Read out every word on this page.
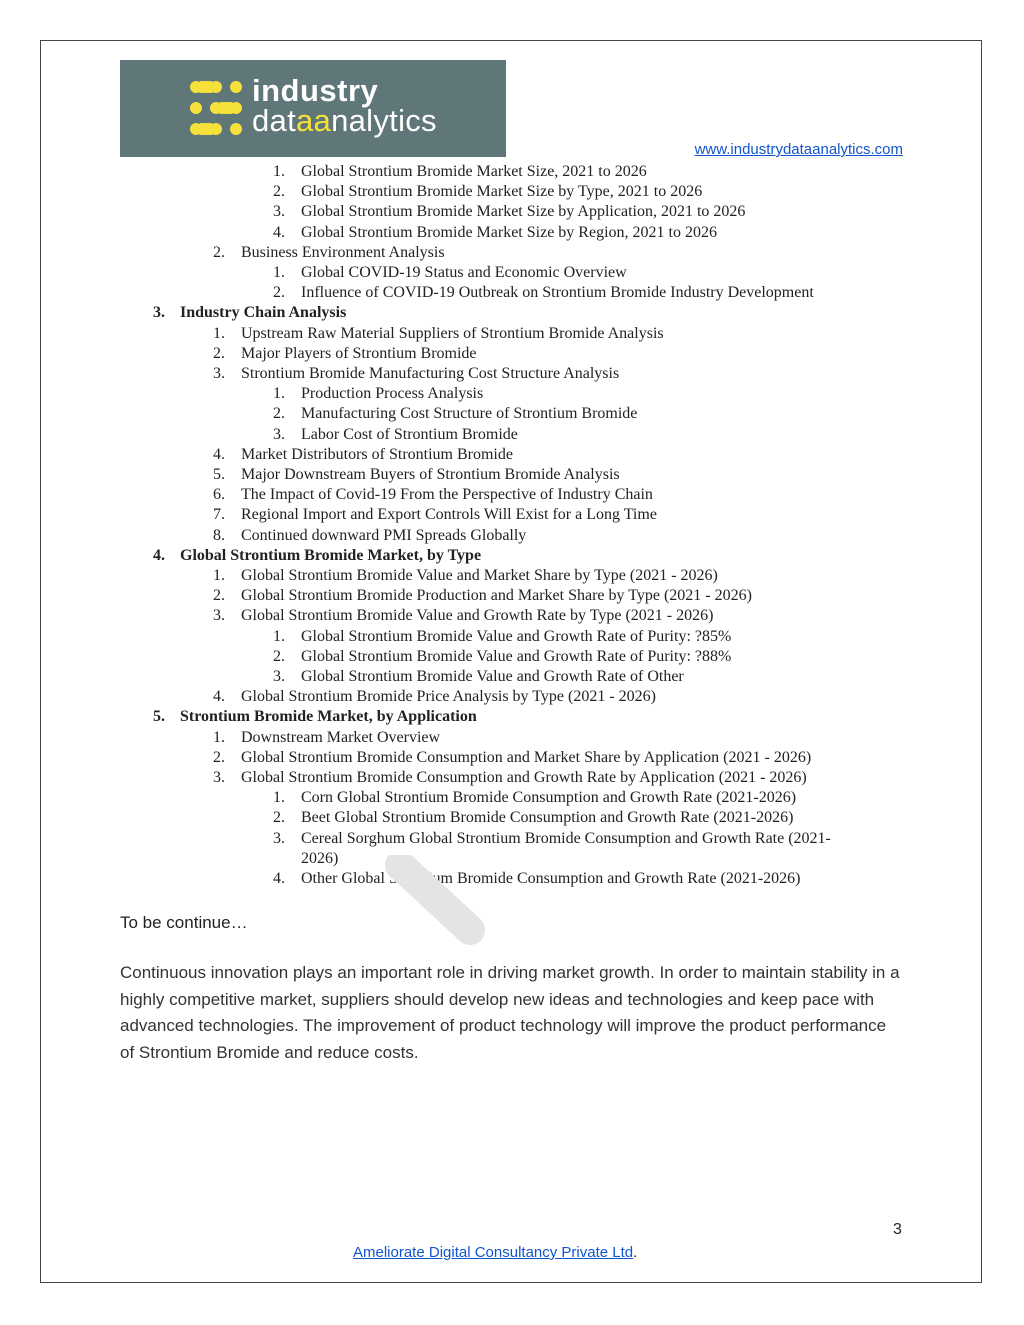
industry
dataanalytics
www.industrydataanalytics.com
1. Global Strontium Bromide Market Size, 2021 to 2026
2. Global Strontium Bromide Market Size by Type, 2021 to 2026
3. Global Strontium Bromide Market Size by Application, 2021 to 2026
4. Global Strontium Bromide Market Size by Region, 2021 to 2026
2. Business Environment Analysis
1. Global COVID-19 Status and Economic Overview
2. Influence of COVID-19 Outbreak on Strontium Bromide Industry Development
3. Industry Chain Analysis
1. Upstream Raw Material Suppliers of Strontium Bromide Analysis
2. Major Players of Strontium Bromide
3. Strontium Bromide Manufacturing Cost Structure Analysis
1. Production Process Analysis
2. Manufacturing Cost Structure of Strontium Bromide
3. Labor Cost of Strontium Bromide
4. Market Distributors of Strontium Bromide
5. Major Downstream Buyers of Strontium Bromide Analysis
6. The Impact of Covid-19 From the Perspective of Industry Chain
7. Regional Import and Export Controls Will Exist for a Long Time
8. Continued downward PMI Spreads Globally
4. Global Strontium Bromide Market, by Type
1. Global Strontium Bromide Value and Market Share by Type (2021 - 2026)
2. Global Strontium Bromide Production and Market Share by Type (2021 - 2026)
3. Global Strontium Bromide Value and Growth Rate by Type (2021 - 2026)
1. Global Strontium Bromide Value and Growth Rate of Purity: ?85%
2. Global Strontium Bromide Value and Growth Rate of Purity: ?88%
3. Global Strontium Bromide Value and Growth Rate of Other
4. Global Strontium Bromide Price Analysis by Type (2021 - 2026)
5. Strontium Bromide Market, by Application
1. Downstream Market Overview
2. Global Strontium Bromide Consumption and Market Share by Application (2021 - 2026)
3. Global Strontium Bromide Consumption and Growth Rate by Application (2021 - 2026)
1. Corn Global Strontium Bromide Consumption and Growth Rate (2021-2026)
2. Beet Global Strontium Bromide Consumption and Growth Rate (2021-2026)
3. Cereal Sorghum Global Strontium Bromide Consumption and Growth Rate (2021-
2026)
4. Other Global Strontium Bromide Consumption and Growth Rate (2021-2026)
To be continue…
Continuous innovation plays an important role in driving market growth. In order to maintain stability in a highly competitive market, suppliers should develop new ideas and technologies and keep pace with advanced technologies. The improvement of product technology will improve the product performance of Strontium Bromide and reduce costs.
3
Ameliorate Digital Consultancy Private Ltd.
